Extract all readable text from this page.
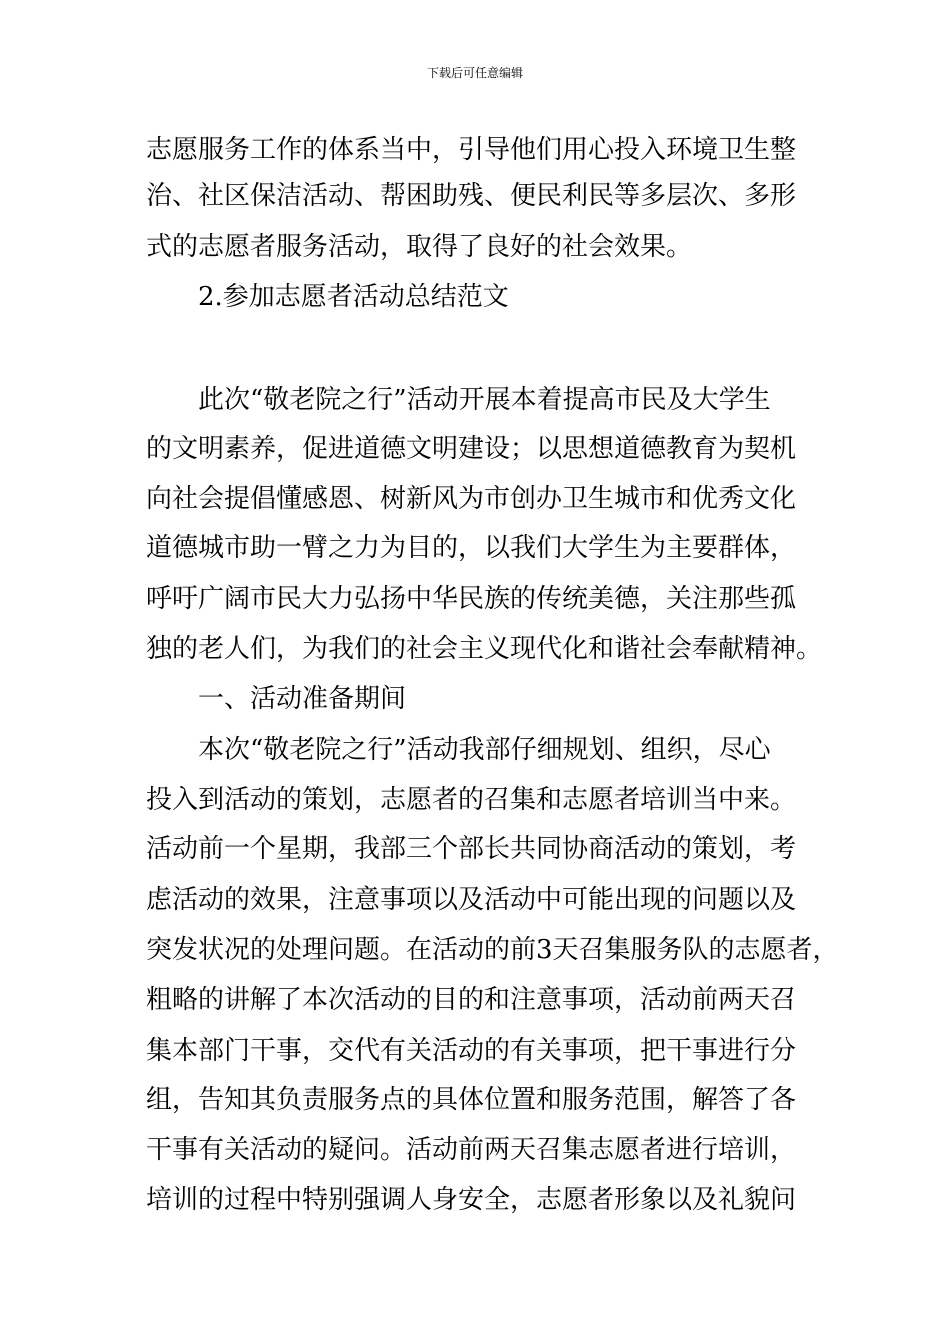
下载后可任意编辑
志愿服务工作的体系当中，引导他们用心投入环境卫生整
治、社区保洁活动、帮困助残、便民利民等多层次、多形
式的志愿者服务活动，取得了良好的社会效果。
2.参加志愿者活动总结范文
此次“敬老院之行”活动开展本着提高市民及大学生
的文明素养，促进道德文明建设；以思想道德教育为契机
向社会提倡懂感恩、树新风为市创办卫生城市和优秀文化
道德城市助一臂之力为目的，以我们大学生为主要群体，
呼吁广阔市民大力弘扬中华民族的传统美德，关注那些孤
独的老人们，为我们的社会主义现代化和谐社会奉献精神。
一、活动准备期间
本次“敬老院之行”活动我部仔细规划、组织，尽心
投入到活动的策划，志愿者的召集和志愿者培训当中来。
活动前一个星期，我部三个部长共同协商活动的策划，考
虑活动的效果，注意事项以及活动中可能出现的问题以及
突发状况的处理问题。在活动的前3天召集服务队的志愿者，
粗略的讲解了本次活动的目的和注意事项，活动前两天召
集本部门干事，交代有关活动的有关事项，把干事进行分
组，告知其负责服务点的具体位置和服务范围，解答了各
干事有关活动的疑问。活动前两天召集志愿者进行培训，
培训的过程中特别强调人身安全，志愿者形象以及礼貌问
